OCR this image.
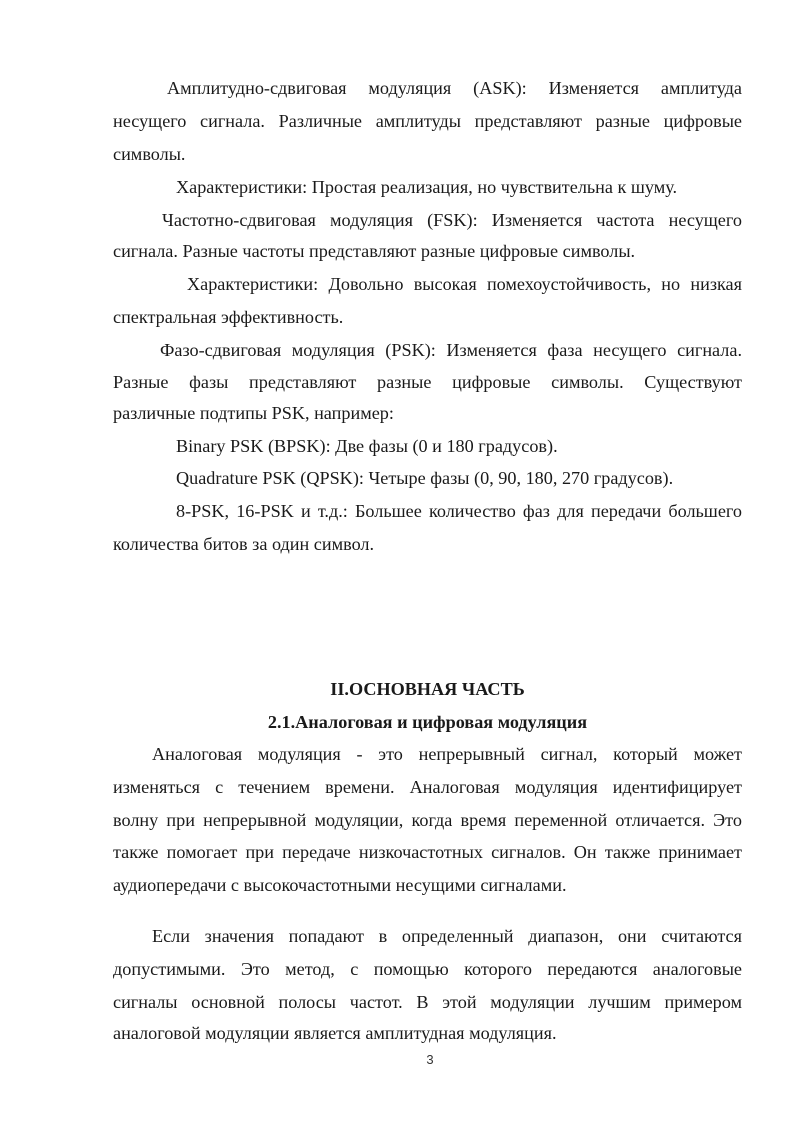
Амплитудно-сдвиговая модуляция (ASK): Изменяется амплитуда
несущего сигнала. Различные амплитуды представляют разные цифровые
символы.
Характеристики: Простая реализация, но чувствительна к шуму.
Частотно-сдвиговая модуляция (FSK): Изменяется частота несущего
сигнала. Разные частоты представляют разные цифровые символы.
Характеристики: Довольно высокая помехоустойчивость, но низкая
спектральная эффективность.
Фазо-сдвиговая модуляция (PSK): Изменяется фаза несущего сигнала.
Разные фазы представляют разные цифровые символы. Существуют
различные подтипы PSK, например:
Binary PSK (BPSK): Две фазы (0 и 180 градусов).
Quadrature PSK (QPSK): Четыре фазы (0, 90, 180, 270 градусов).
8-PSK, 16-PSK и т.д.: Большее количество фаз для передачи большего
количества битов за один символ.
II.ОСНОВНАЯ ЧАСТЬ
2.1.Аналоговая и цифровая модуляция
Аналоговая модуляция - это непрерывный сигнал, который может
изменяться с течением времени. Аналоговая модуляция идентифицирует
волну при непрерывной модуляции, когда время переменной отличается. Это
также помогает при передаче низкочастотных сигналов. Он также принимает
аудиопередачи с высокочастотными несущими сигналами.
Если значения попадают в определенный диапазон, они считаются
допустимыми. Это метод, с помощью которого передаются аналоговые
сигналы основной полосы частот. В этой модуляции лучшим примером
аналоговой модуляции является амплитудная модуляция.
3
